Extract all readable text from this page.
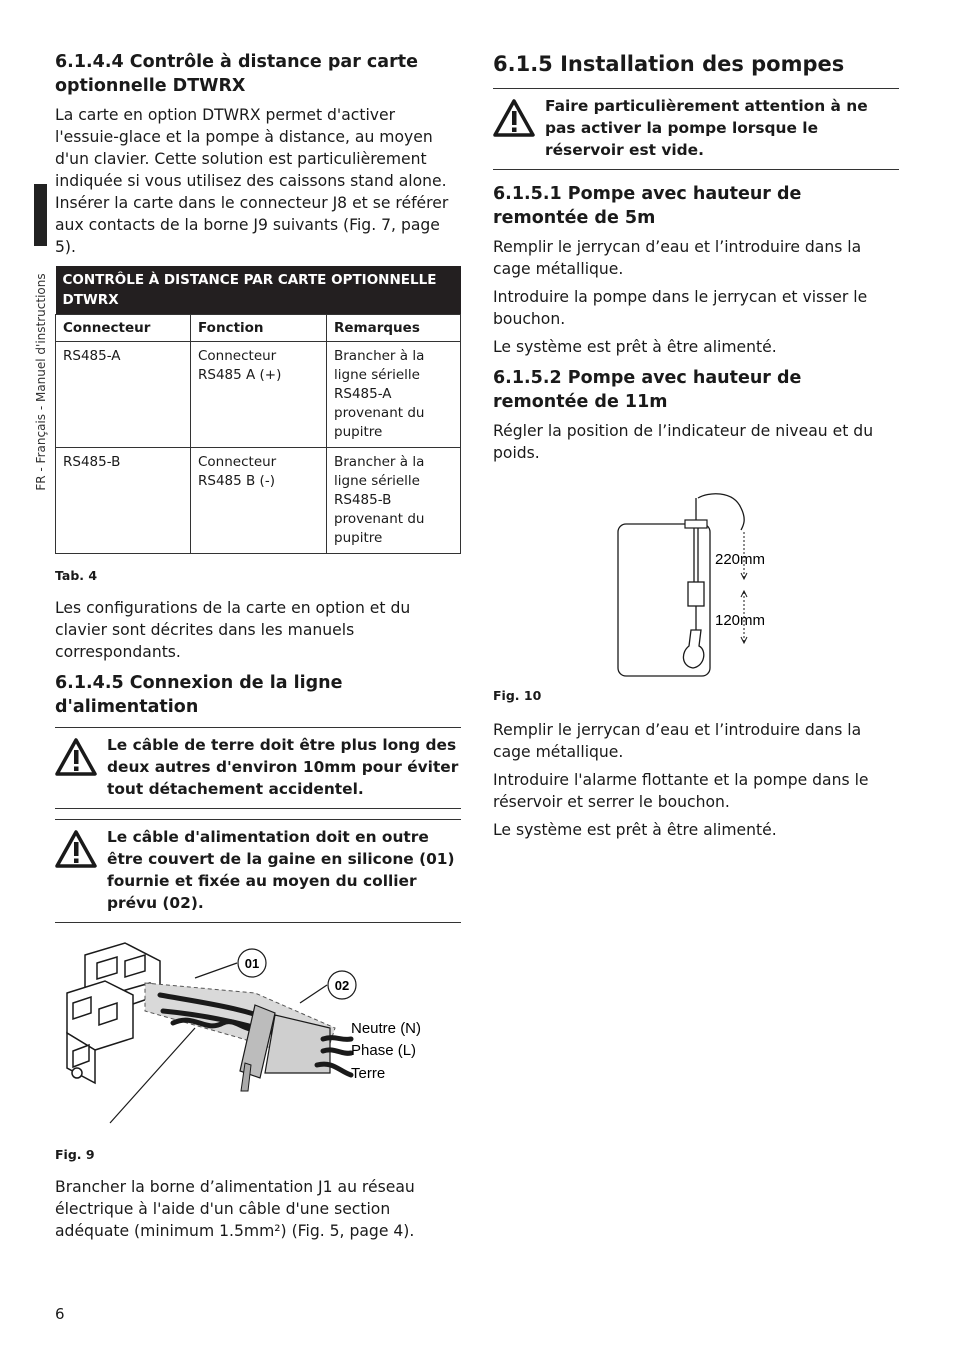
FR - Français - Manuel d'instructions
6.1.4.4 Contrôle à distance par carte optionnelle DTWRX

La carte en option DTWRX permet d'activer l'essuie-glace et la pompe à distance, au moyen d'un clavier. Cette solution est particulièrement indiquée si vous utilisez des caissons stand alone. Insérer la carte dans le connecteur J8 et se référer aux contacts de la borne J9 suivants (Fig. 7, page 5).

CONTRÔLE À DISTANCE PAR CARTE OPTIONNELLE DTWRX		
Connecteur	Fonction	Remarques
RS485-A	Connecteur RS485 A (+)	Brancher à la ligne sérielle RS485-A provenant du pupitre
RS485-B	Connecteur RS485 B (-)	Brancher à la ligne sérielle RS485-B provenant du pupitre
Tab. 4

Les configurations de la carte en option et du clavier sont décrites dans les manuels correspondants.

6.1.4.5 Connexion de la ligne d'alimentation
Le câble de terre doit être plus long des deux autres d'environ 10mm pour éviter tout détachement accidentel.
Le câble d'alimentation doit en outre être couvert de la gaine en silicone (01) fournie et fixée au moyen du collier prévu (02).
01
02
Neutre (N)
Phase (L)
Terre
Fig. 9

Brancher la borne d’alimentation J1 au réseau électrique à l'aide d'un câble d'une section adéquate (minimum 1.5mm²) (Fig. 5, page 4).

6.1.5 Installation des pompes
Faire particulièrement attention à ne pas activer la pompe lorsque le réservoir est vide.
6.1.5.1 Pompe avec hauteur de remontée de 5m

Remplir le jerrycan d’eau et l’introduire dans la cage métallique.

Introduire la pompe dans le jerrycan et visser le bouchon.

Le système est prêt à être alimenté.

6.1.5.2 Pompe avec hauteur de remontée de 11m

Régler la position de l’indicateur de niveau et du poids.

220mm
120mm
Fig. 10

Remplir le jerrycan d’eau et l’introduire dans la cage métallique.

Introduire l'alarme flottante et la pompe dans le réservoir et serrer le bouchon.

Le système est prêt à être alimenté.

6
